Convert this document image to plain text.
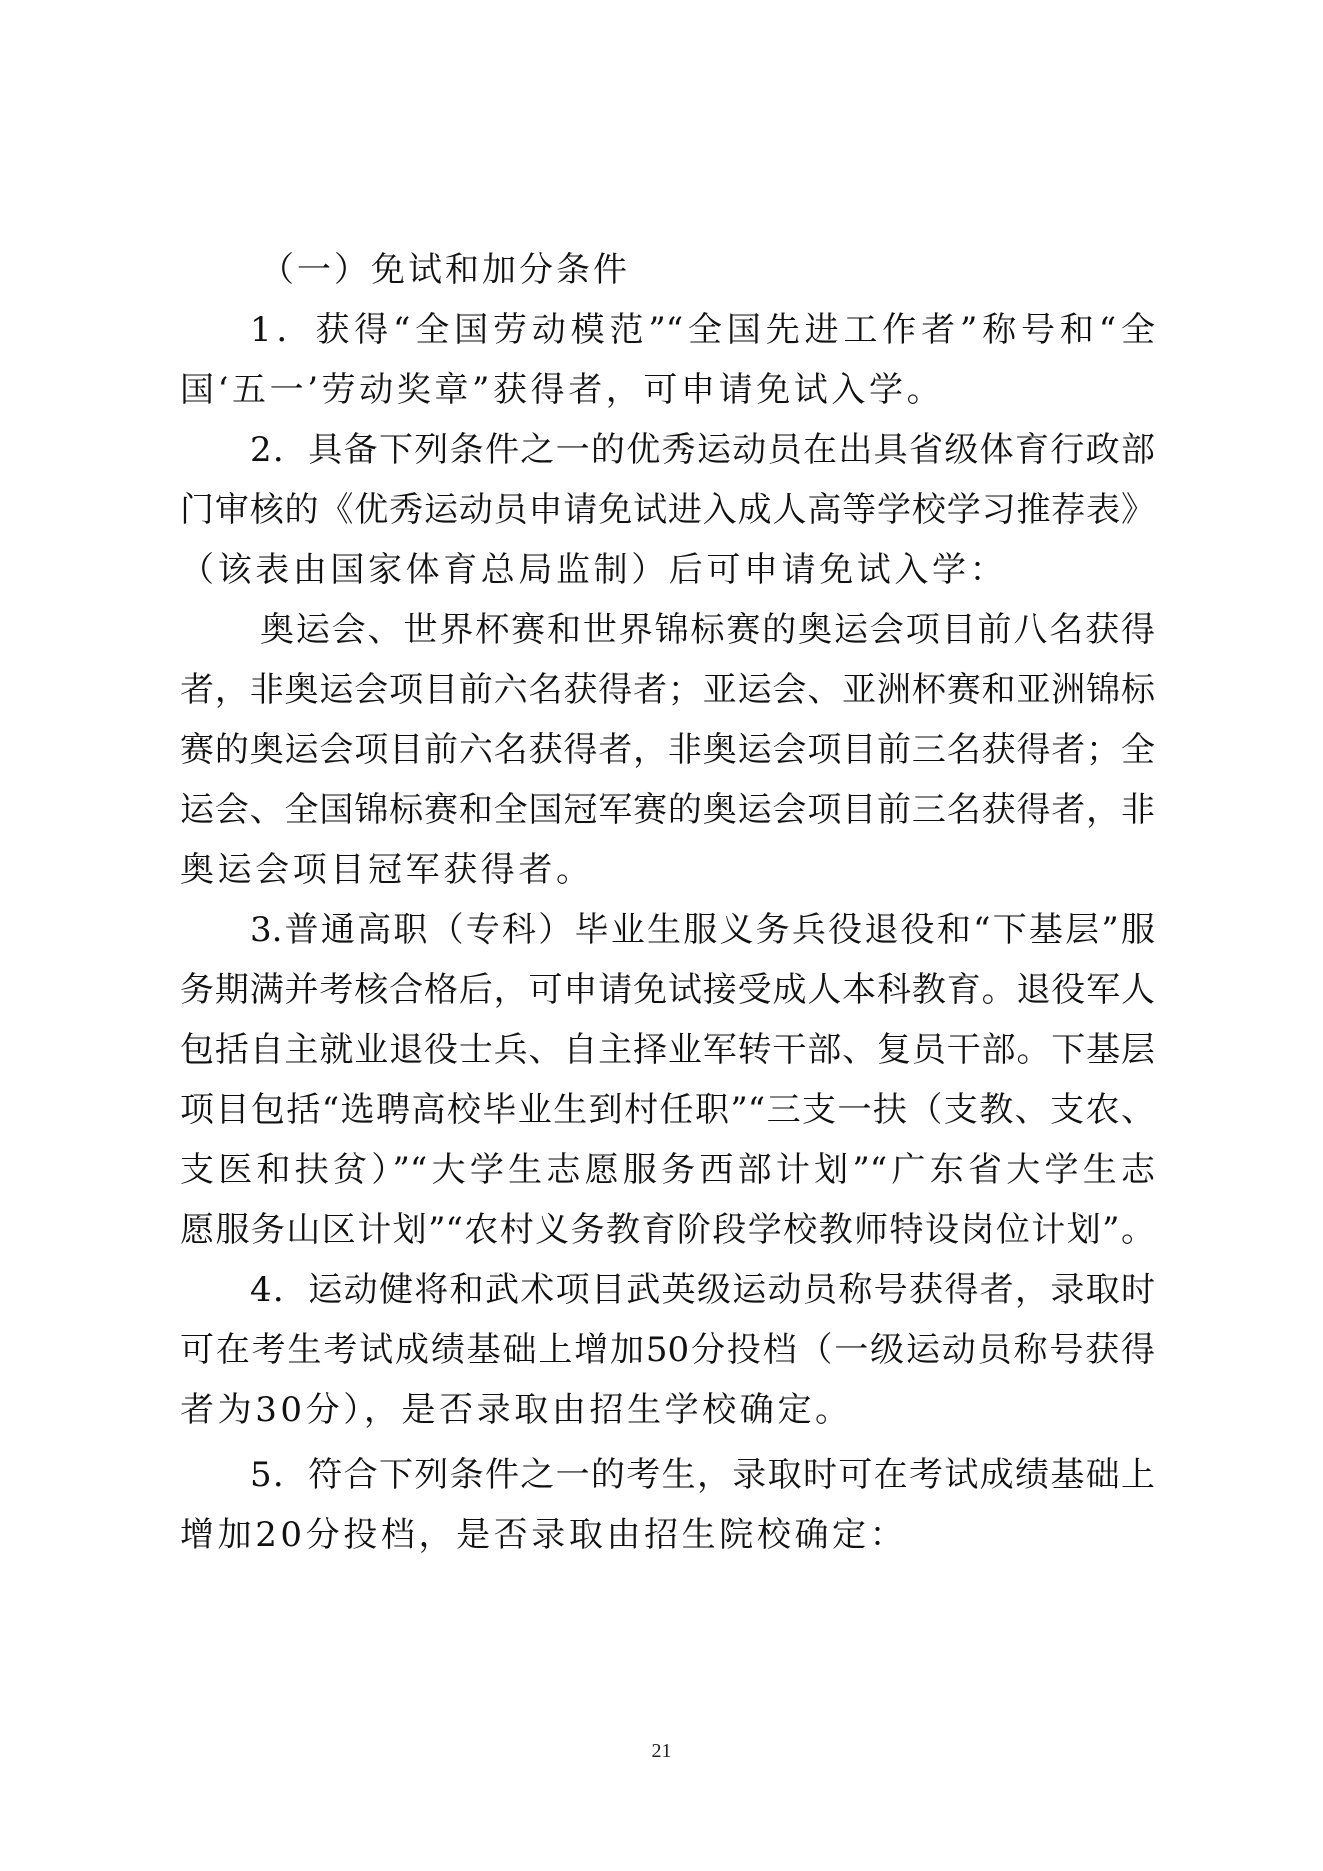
（一）免试和加分条件
1．获得“全国劳动模范”“全国先进工作者”称号和“全
国‘五一’劳动奖章”获得者，可申请免试入学。
2．具备下列条件之一的优秀运动员在出具省级体育行政部
门审核的《优秀运动员申请免试进入成人高等学校学习推荐表》
（该表由国家体育总局监制）后可申请免试入学：
奥运会、世界杯赛和世界锦标赛的奥运会项目前八名获得
者，非奥运会项目前六名获得者；亚运会、亚洲杯赛和亚洲锦标
赛的奥运会项目前六名获得者，非奥运会项目前三名获得者；全
运会、全国锦标赛和全国冠军赛的奥运会项目前三名获得者，非
奥运会项目冠军获得者。
3.普通高职（专科）毕业生服义务兵役退役和“下基层”服
务期满并考核合格后，可申请免试接受成人本科教育。退役军人
包括自主就业退役士兵、自主择业军转干部、复员干部。下基层
项目包括“选聘高校毕业生到村任职”“三支一扶（支教、支农、
支医和扶贫）”“大学生志愿服务西部计划”“广东省大学生志
愿服务山区计划”“农村义务教育阶段学校教师特设岗位计划”。
4．运动健将和武术项目武英级运动员称号获得者，录取时
可在考生考试成绩基础上增加50分投档（一级运动员称号获得
者为30分），是否录取由招生学校确定。
5．符合下列条件之一的考生，录取时可在考试成绩基础上
增加20分投档，是否录取由招生院校确定：
21
